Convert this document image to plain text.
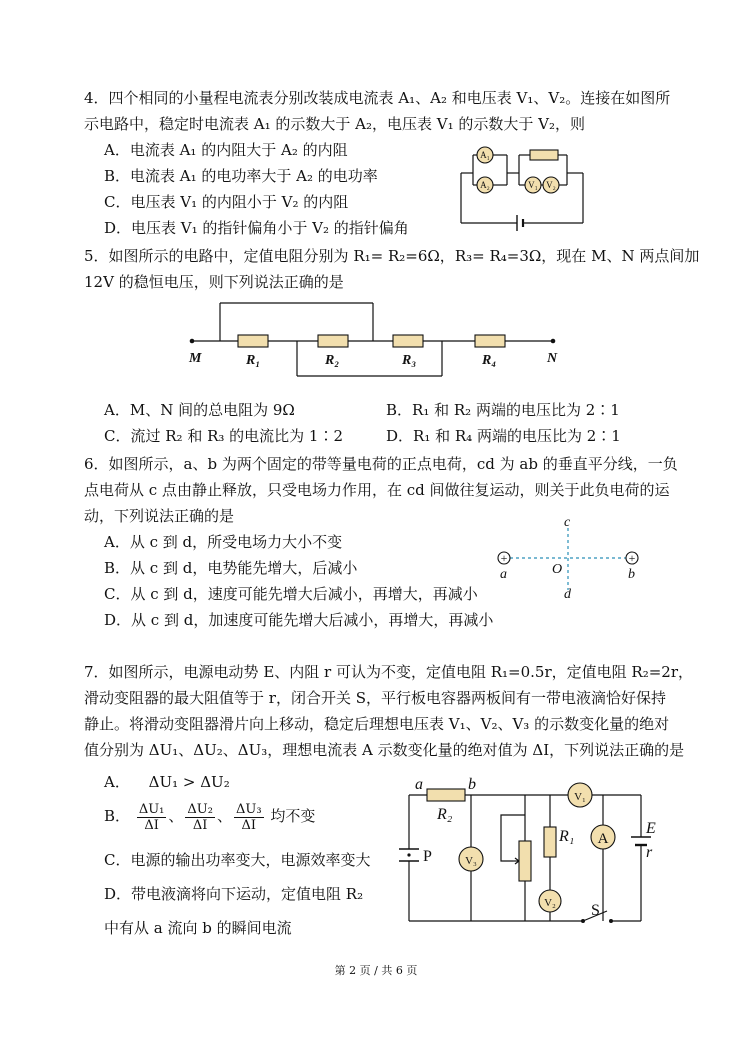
4．四个相同的小量程电流表分别改装成电流表 A₁、A₂ 和电压表 V₁、V₂。连接在如图所
示电路中，稳定时电流表 A₁ 的示数大于 A₂，电压表 V₁ 的示数大于 V₂，则
A．电流表 A₁ 的内阻大于 A₂ 的内阻
B．电流表 A₁ 的电功率大于 A₂ 的电功率
C．电压表 V₁ 的内阻小于 V₂ 的内阻
D．电压表 V₁ 的指针偏角小于 V₂ 的指针偏角
A₁
A₂	V₁ V₂
5．如图所示的电路中，定值电阻分别为 R₁= R₂=6Ω，R₃= R₄=3Ω，现在 M、N 两点间加
12V 的稳恒电压，则下列说法正确的是
M	N
R₁	R₂	R₃	R₄
A．M、N 间的总电阻为 9Ω	B．R₁ 和 R₂ 两端的电压比为 2∶1
C．流过 R₂ 和 R₃ 的电流比为 1∶2	D．R₁ 和 R₄ 两端的电压比为 2∶1
6．如图所示，a、b 为两个固定的带等量电荷的正点电荷，cd 为 ab 的垂直平分线，一负
点电荷从 c 点由静止释放，只受电场力作用，在 cd 间做往复运动，则关于此负电荷的运
动，下列说法正确的是
A．从 c 到 d，所受电场力大小不变
B．从 c 到 d，电势能先增大，后减小
C．从 c 到 d，速度可能先增大后减小，再增大，再减小
D．从 c 到 d，加速度可能先增大后减小，再增大，再减小
+	+
c
d
O
a	b
7．如图所示，电源电动势 E、内阻 r 可认为不变，定值电阻 R₁=0.5r，定值电阻 R₂=2r，
滑动变阻器的最大阻值等于 r，闭合开关 S，平行板电容器两板间有一带电液滴恰好保持
静止。将滑动变阻器滑片向上移动，稳定后理想电压表 V₁、V₂、V₃ 的示数变化量的绝对
值分别为 ΔU₁、ΔU₂、ΔU₃，理想电流表 A 示数变化量的绝对值为 ΔI，下列说法正确的是
A． ΔU₁ > ΔU₂
B． $\frac{\text{ΔU₁}}{\Delta I}$ 、 $\frac{\text{ΔU₂}}{\Delta I}$ 、 $\frac{\text{ΔU₃}}{\Delta I}$ 均不变
C．电源的输出功率变大，电源效率变大
D．带电液滴将向下运动，定值电阻 R₂
中有从 a 流向 b 的瞬间电流
V₃
V₁
A
V₂
a	b
R₂
R₁	E
r
P
S
第 2 页 / 共 6 页
